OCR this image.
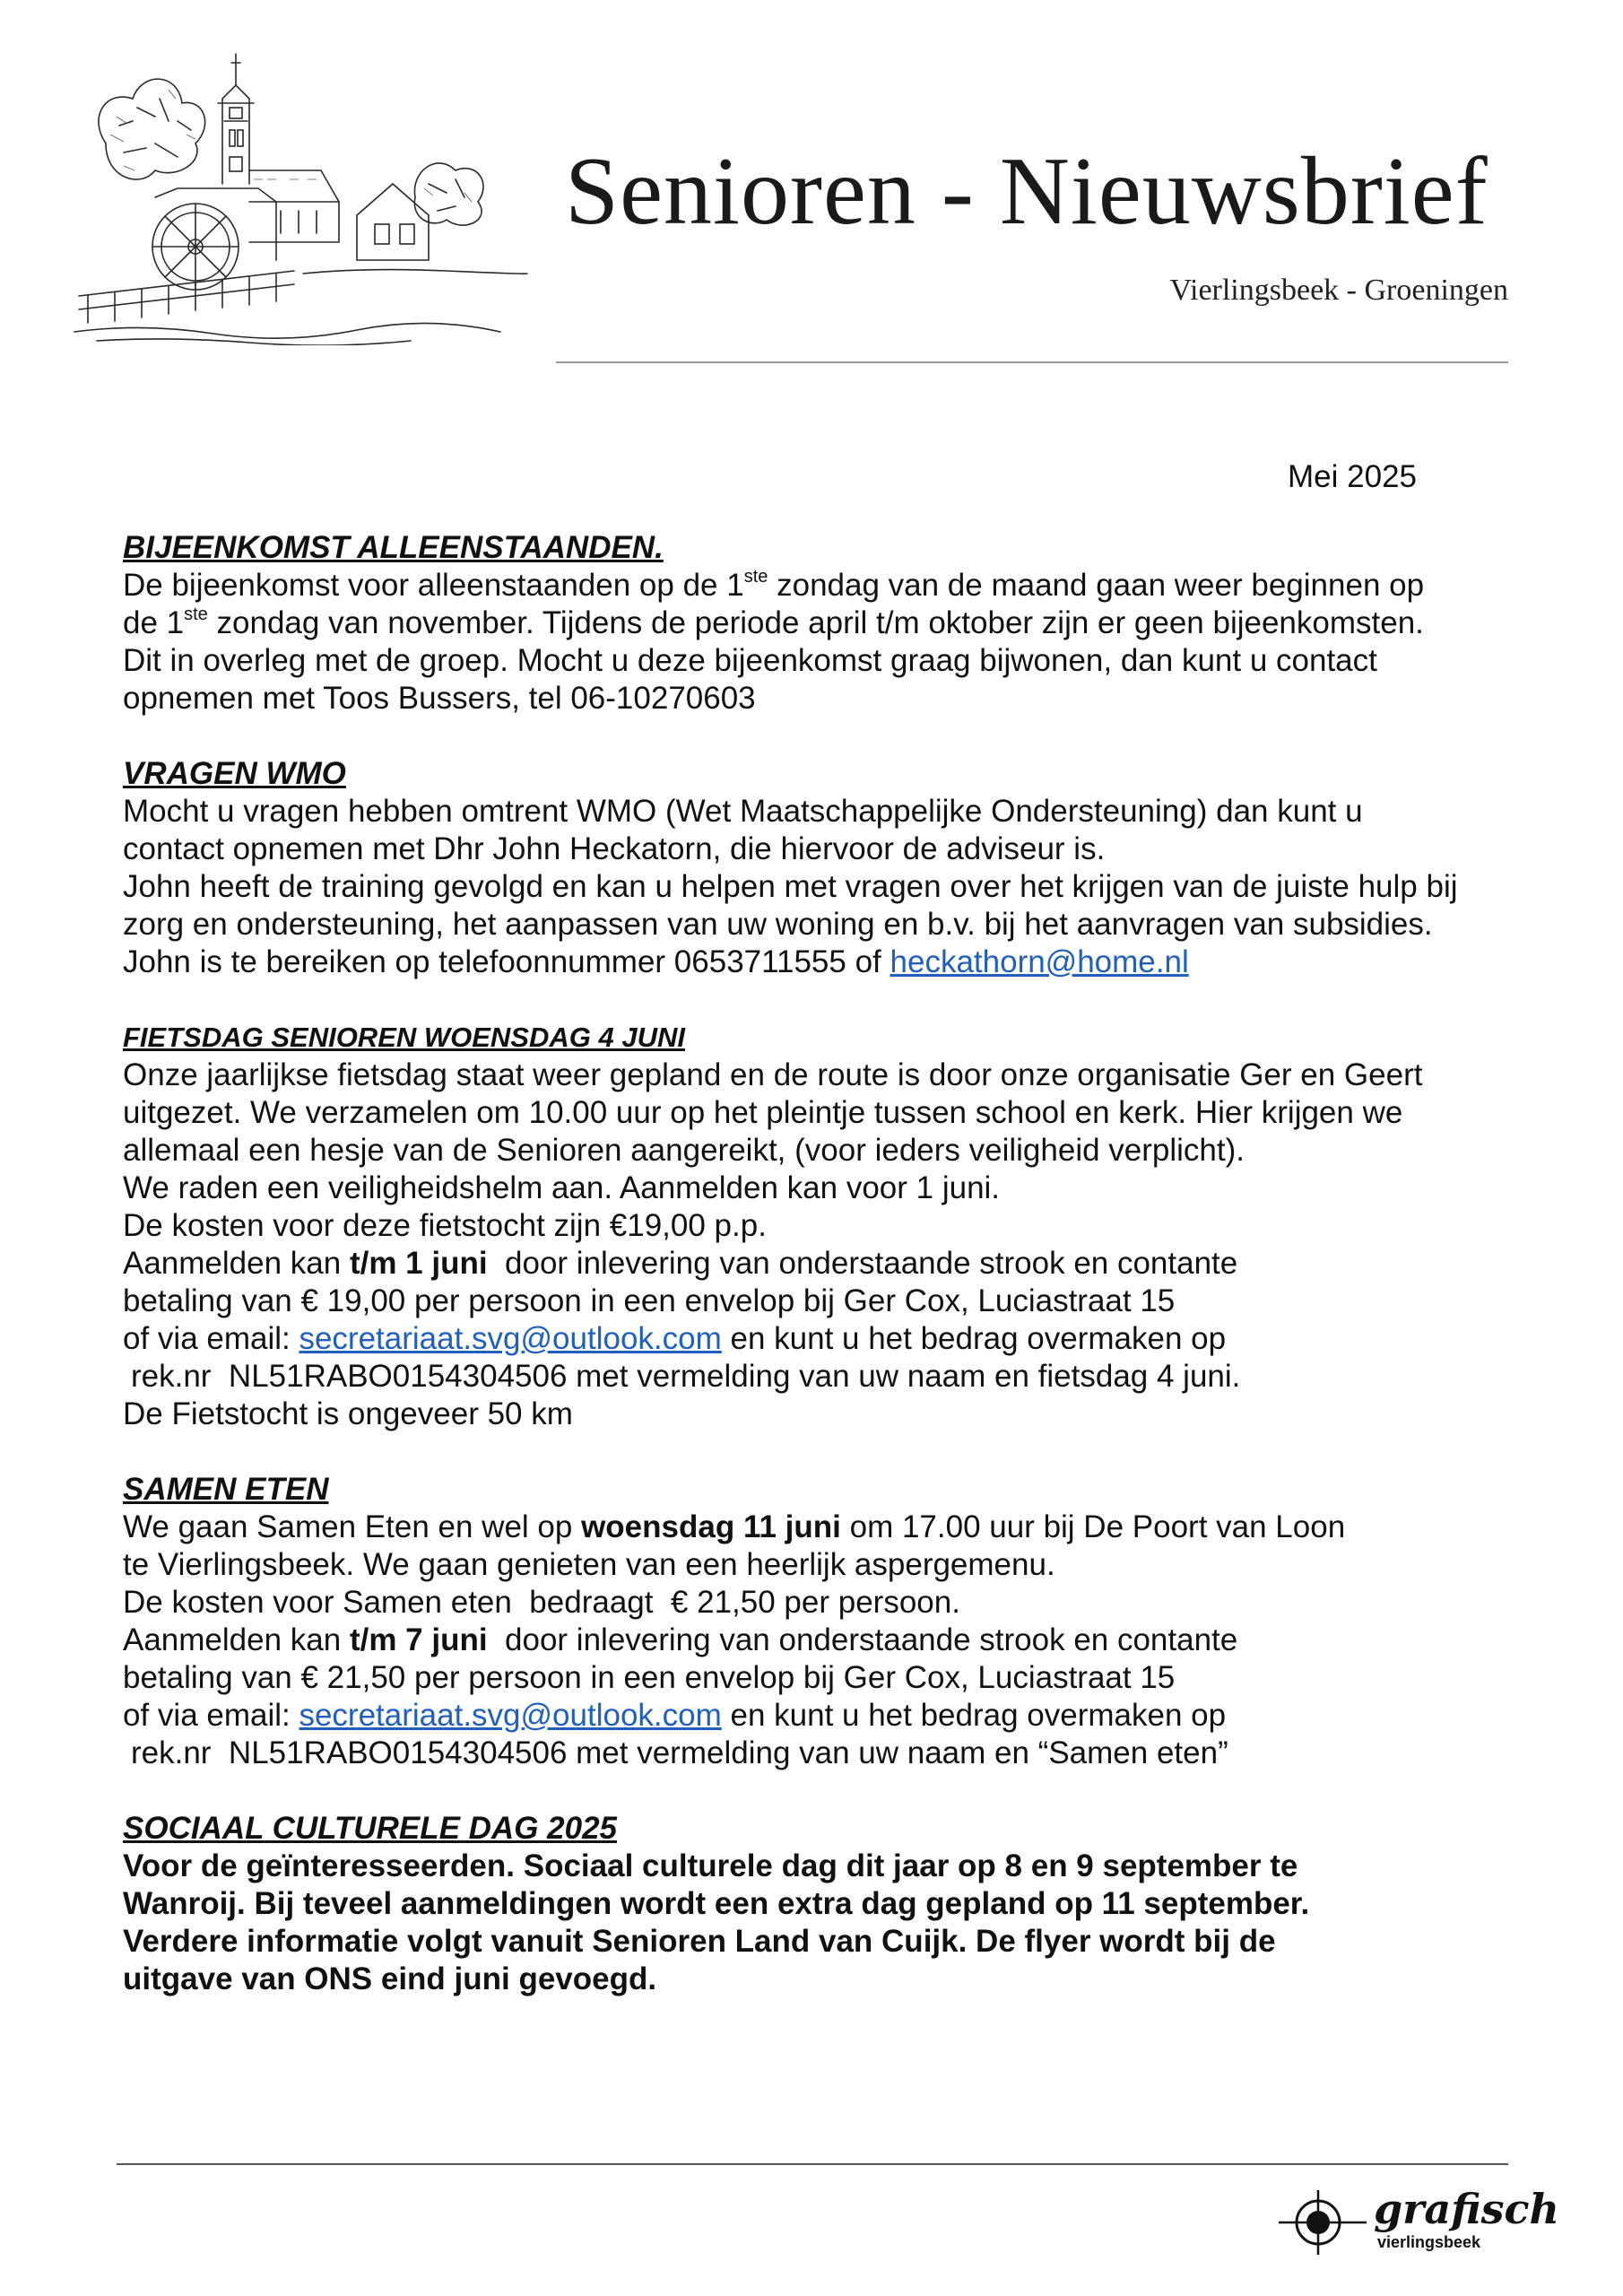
Senioren - Nieuwsbrief
Vierlingsbeek - Groeningen
Mei 2025
BIJEENKOMST ALLEENSTAANDEN.

De bijeenkomst voor alleenstaanden op de 1ste zondag van de maand gaan weer beginnen op

de 1ste zondag van november. Tijdens de periode april t/m oktober zijn er geen bijeenkomsten.

Dit in overleg met de groep. Mocht u deze bijeenkomst graag bijwonen, dan kunt u contact

opnemen met Toos Bussers, tel 06-10270603

VRAGEN WMO

Mocht u vragen hebben omtrent WMO (Wet Maatschappelijke Ondersteuning) dan kunt u

contact opnemen met Dhr John Heckatorn, die hiervoor de adviseur is.

John heeft de training gevolgd en kan u helpen met vragen over het krijgen van de juiste hulp bij

zorg en ondersteuning, het aanpassen van uw woning en b.v. bij het aanvragen van subsidies.

John is te bereiken op telefoonnummer 0653711555 of heckathorn@home.nl

FIETSDAG SENIOREN WOENSDAG 4 JUNI

Onze jaarlijkse fietsdag staat weer gepland en de route is door onze organisatie Ger en Geert

uitgezet. We verzamelen om 10.00 uur op het pleintje tussen school en kerk. Hier krijgen we

allemaal een hesje van de Senioren aangereikt, (voor ieders veiligheid verplicht).

We raden een veiligheidshelm aan. Aanmelden kan voor 1 juni.

De kosten voor deze fietstocht zijn €19,00 p.p.

Aanmelden kan t/m 1 juni  door inlevering van onderstaande strook en contante

betaling van € 19,00 per persoon in een envelop bij Ger Cox, Luciastraat 15

of via email: secretariaat.svg@outlook.com en kunt u het bedrag overmaken op

rek.nr  NL51RABO0154304506 met vermelding van uw naam en fietsdag 4 juni.

De Fietstocht is ongeveer 50 km

SAMEN ETEN

We gaan Samen Eten en wel op woensdag 11 juni om 17.00 uur bij De Poort van Loon

te Vierlingsbeek. We gaan genieten van een heerlijk aspergemenu.

De kosten voor Samen eten  bedraagt  € 21,50 per persoon.

Aanmelden kan t/m 7 juni  door inlevering van onderstaande strook en contante

betaling van € 21,50 per persoon in een envelop bij Ger Cox, Luciastraat 15

of via email: secretariaat.svg@outlook.com en kunt u het bedrag overmaken op

rek.nr  NL51RABO0154304506 met vermelding van uw naam en “Samen eten”

SOCIAAL CULTURELE DAG 2025

Voor de geïnteresseerden. Sociaal culturele dag dit jaar op 8 en 9 september te

Wanroij. Bij teveel aanmeldingen wordt een extra dag gepland op 11 september.

Verdere informatie volgt vanuit Senioren Land van Cuijk. De flyer wordt bij de

uitgave van ONS eind juni gevoegd.

grafisch
vierlingsbeek
